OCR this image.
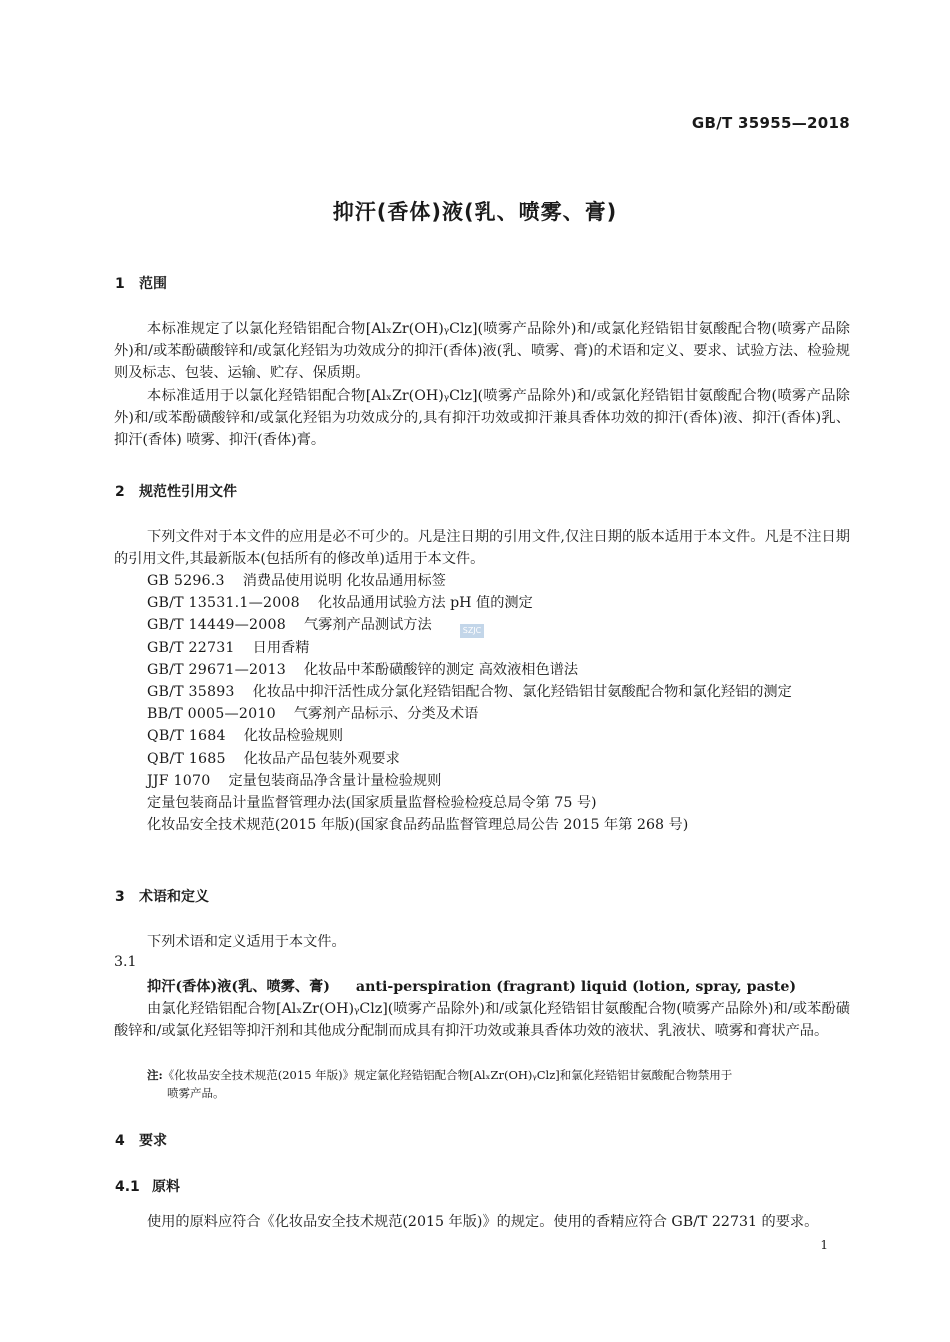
GB/T 35955—2018
抑汗(香体)液(乳、喷雾、膏)
1 范围

本标准规定了以氯化羟锆铝配合物[AlₓZr(OH)ᵧClz](喷雾产品除外)和/或氯化羟锆铝甘氨酸配合物(喷雾产品除外)和/或苯酚磺酸锌和/或氯化羟铝为功效成分的抑汗(香体)液(乳、喷雾、膏)的术语和定义、要求、试验方法、检验规则及标志、包装、运输、贮存、保质期。

本标准适用于以氯化羟锆铝配合物[AlₓZr(OH)ᵧClz](喷雾产品除外)和/或氯化羟锆铝甘氨酸配合物(喷雾产品除外)和/或苯酚磺酸锌和/或氯化羟铝为功效成分的,具有抑汗功效或抑汗兼具香体功效的抑汗(香体)液、抑汗(香体)乳、抑汗(香体) 喷雾、抑汗(香体)膏。

2 规范性引用文件

下列文件对于本文件的应用是必不可少的。凡是注日期的引用文件,仅注日期的版本适用于本文件。凡是不注日期的引用文件,其最新版本(包括所有的修改单)适用于本文件。

GB 5296.3 消费品使用说明 化妆品通用标签

GB/T 13531.1—2008 化妆品通用试验方法 pH 值的测定

GB/T 14449—2008 气雾剂产品测试方法

GB/T 22731 日用香精

GB/T 29671—2013 化妆品中苯酚磺酸锌的测定 高效液相色谱法

GB/T 35893 化妆品中抑汗活性成分氯化羟锆铝配合物、氯化羟锆铝甘氨酸配合物和氯化羟铝的测定

BB/T 0005—2010 气雾剂产品标示、分类及术语

QB/T 1684 化妆品检验规则

QB/T 1685 化妆品产品包装外观要求

JJF 1070 定量包装商品净含量计量检验规则

定量包装商品计量监督管理办法(国家质量监督检验检疫总局令第 75 号)

化妆品安全技术规范(2015 年版)(国家食品药品监督管理总局公告 2015 年第 268 号)

SZJC
3 术语和定义

下列术语和定义适用于本文件。

3.1
抑汗(香体)液(乳、喷雾、膏) anti-perspiration (fragrant) liquid (lotion, spray, paste)

由氯化羟锆铝配合物[AlₓZr(OH)ᵧClz](喷雾产品除外)和/或氯化羟锆铝甘氨酸配合物(喷雾产品除外)和/或苯酚磺酸锌和/或氯化羟铝等抑汗剂和其他成分配制而成具有抑汗功效或兼具香体功效的液状、乳液状、喷雾和膏状产品。

注:《化妆品安全技术规范(2015 年版)》规定氯化羟锆铝配合物[AlₓZr(OH)ᵧClz]和氯化羟锆铝甘氨酸配合物禁用于
喷雾产品。
4 要求
4.1 原料

使用的原料应符合《化妆品安全技术规范(2015 年版)》的规定。使用的香精应符合 GB/T 22731 的要求。

1
